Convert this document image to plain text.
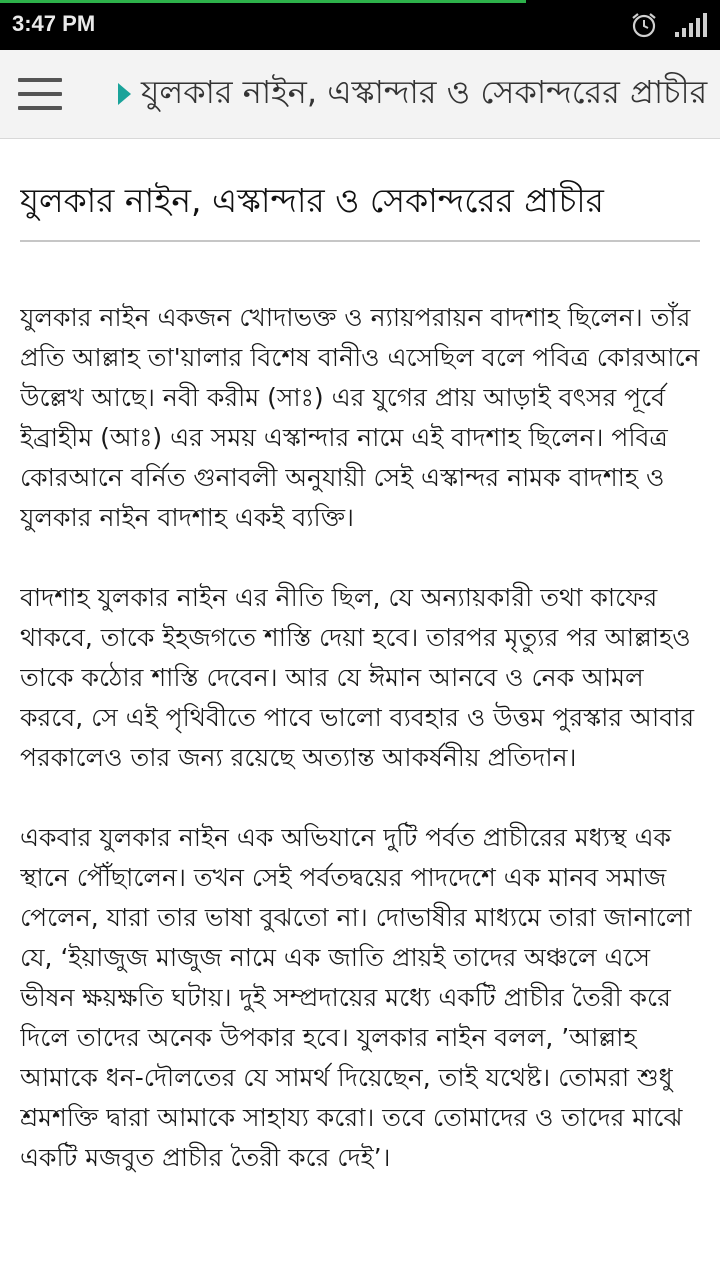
3:47 PM
যুলকার নাইন, এস্কান্দার ও সেকান্দরের প্রাচীর
যুলকার নাইন, এস্কান্দার ও সেকান্দরের প্রাচীর

যুলকার নাইন একজন খোদাভক্ত ও ন্যায়পরায়ন বাদশাহ ছিলেন। তাঁর প্রতি আল্লাহ তা'য়ালার বিশেষ বানীও এসেছিল বলে পবিত্র কোরআনে উল্লেখ আছে। নবী করীম (সাঃ) এর যুগের প্রায় আড়াই বৎসর পূর্বে ইব্রাহীম (আঃ) এর সময় এস্কান্দার নামে এই বাদশাহ ছিলেন। পবিত্র কোরআনে বর্নিত গুনাবলী অনুযায়ী সেই এস্কান্দর নামক বাদশাহ ও যুলকার নাইন বাদশাহ একই ব্যক্তি।

বাদশাহ যুলকার নাইন এর নীতি ছিল, যে অন্যায়কারী তথা কাফের থাকবে, তাকে ইহজগতে শাস্তি দেয়া হবে। তারপর মৃত্যুর পর আল্লাহও তাকে কঠোর শাস্তি দেবেন। আর যে ঈমান আনবে ও নেক আমল করবে, সে এই পৃথিবীতে পাবে ভালো ব্যবহার ও উত্তম পুরস্কার আবার পরকালেও তার জন্য রয়েছে অত্যান্ত আকর্ষনীয় প্রতিদান।

একবার যুলকার নাইন এক অভিযানে দুটি পর্বত প্রাচীরের মধ্যস্থ এক স্থানে পৌঁছালেন। তখন সেই পর্বতদ্বয়ের পাদদেশে এক মানব সমাজ পেলেন, যারা তার ভাষা বুঝতো না। দোভাষীর মাধ্যমে তারা জানালো যে, ‘ইয়াজুজ মাজুজ নামে এক জাতি প্রায়ই তাদের অঞ্চলে এসে ভীষন ক্ষয়ক্ষতি ঘটায়। দুই সম্প্রদায়ের মধ্যে একটি প্রাচীর তৈরী করে দিলে তাদের অনেক উপকার হবে। যুলকার নাইন বলল, ’আল্লাহ আমাকে ধন-দৌলতের যে সামর্থ দিয়েছেন, তাই যথেষ্ট। তোমরা শুধু শ্রমশক্তি দ্বারা আমাকে সাহায্য করো। তবে তোমাদের ও তাদের মাঝে একটি মজবুত প্রাচীর তৈরী করে দেই’।
